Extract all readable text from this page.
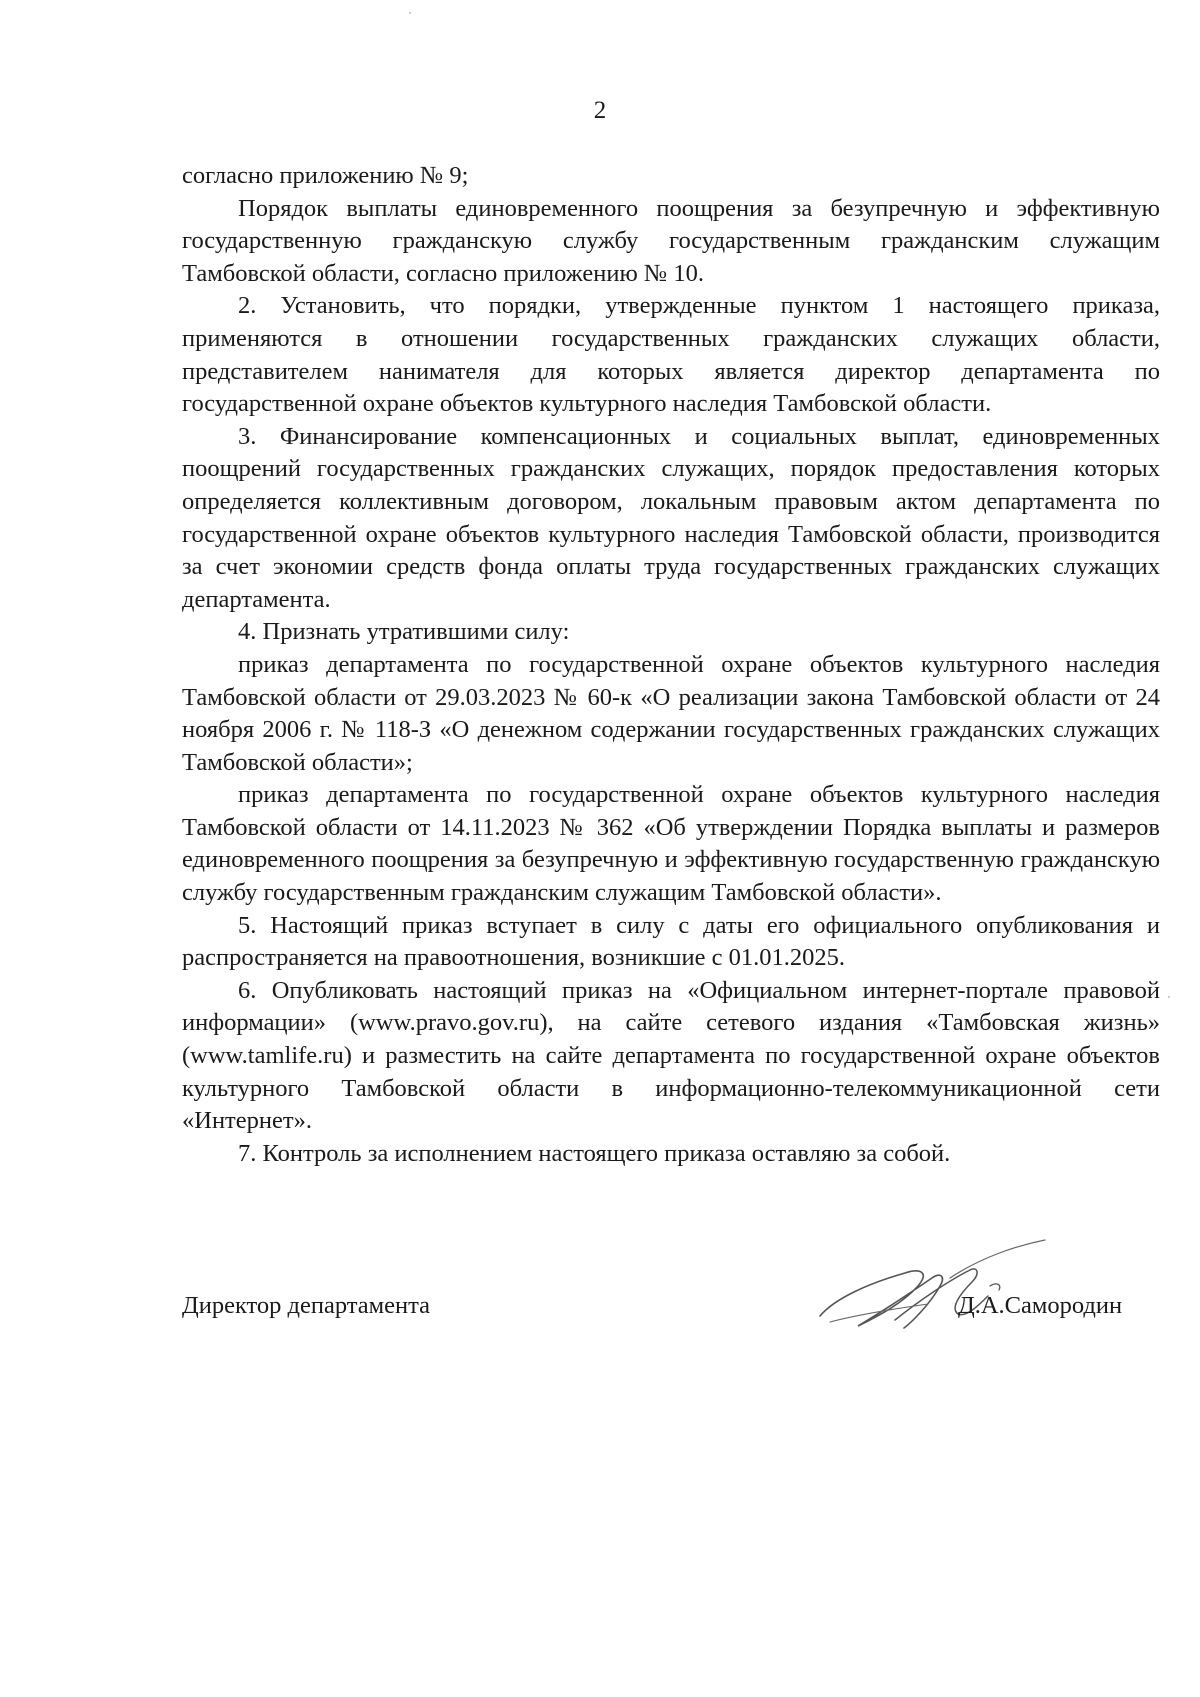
2

согласно приложению № 9;

Порядок выплаты единовременного поощрения за безупречную и эффективную государственную гражданскую службу государственным гражданским служащим Тамбовской области, согласно приложению № 10.

2. Установить, что порядки, утвержденные пунктом 1 настоящего приказа, применяются в отношении государственных гражданских служащих области, представителем нанимателя для которых является директор департамента по государственной охране объектов культурного наследия Тамбовской области.

3. Финансирование компенсационных и социальных выплат, единовременных поощрений государственных гражданских служащих, порядок предоставления которых определяется коллективным договором, локальным правовым актом департамента по государственной охране объектов культурного наследия Тамбовской области, производится за счет экономии средств фонда оплаты труда государственных гражданских служащих департамента.

4. Признать утратившими силу:

приказ департамента по государственной охране объектов культурного наследия Тамбовской области от 29.03.2023 № 60-к «О реализации закона Тамбовской области от 24 ноября 2006 г. № 118-З «О денежном содержании государственных гражданских служащих Тамбовской области»;

приказ департамента по государственной охране объектов культурного наследия Тамбовской области от 14.11.2023 № 362 «Об утверждении Порядка выплаты и размеров единовременного поощрения за безупречную и эффективную государственную гражданскую службу государственным гражданским служащим Тамбовской области».

5. Настоящий приказ вступает в силу с даты его официального опубликования и распространяется на правоотношения, возникшие с 01.01.2025.

6. Опубликовать настоящий приказ на «Официальном интернет-портале правовой информации» (www.pravo.gov.ru), на сайте сетевого издания «Тамбовская жизнь» (www.tamlife.ru) и разместить на сайте департамента по государственной охране объектов культурного Тамбовской области в информационно-телекоммуникационной сети «Интернет».

7. Контроль за исполнением настоящего приказа оставляю за собой.

Директор департамента	Д.А.Самородин
